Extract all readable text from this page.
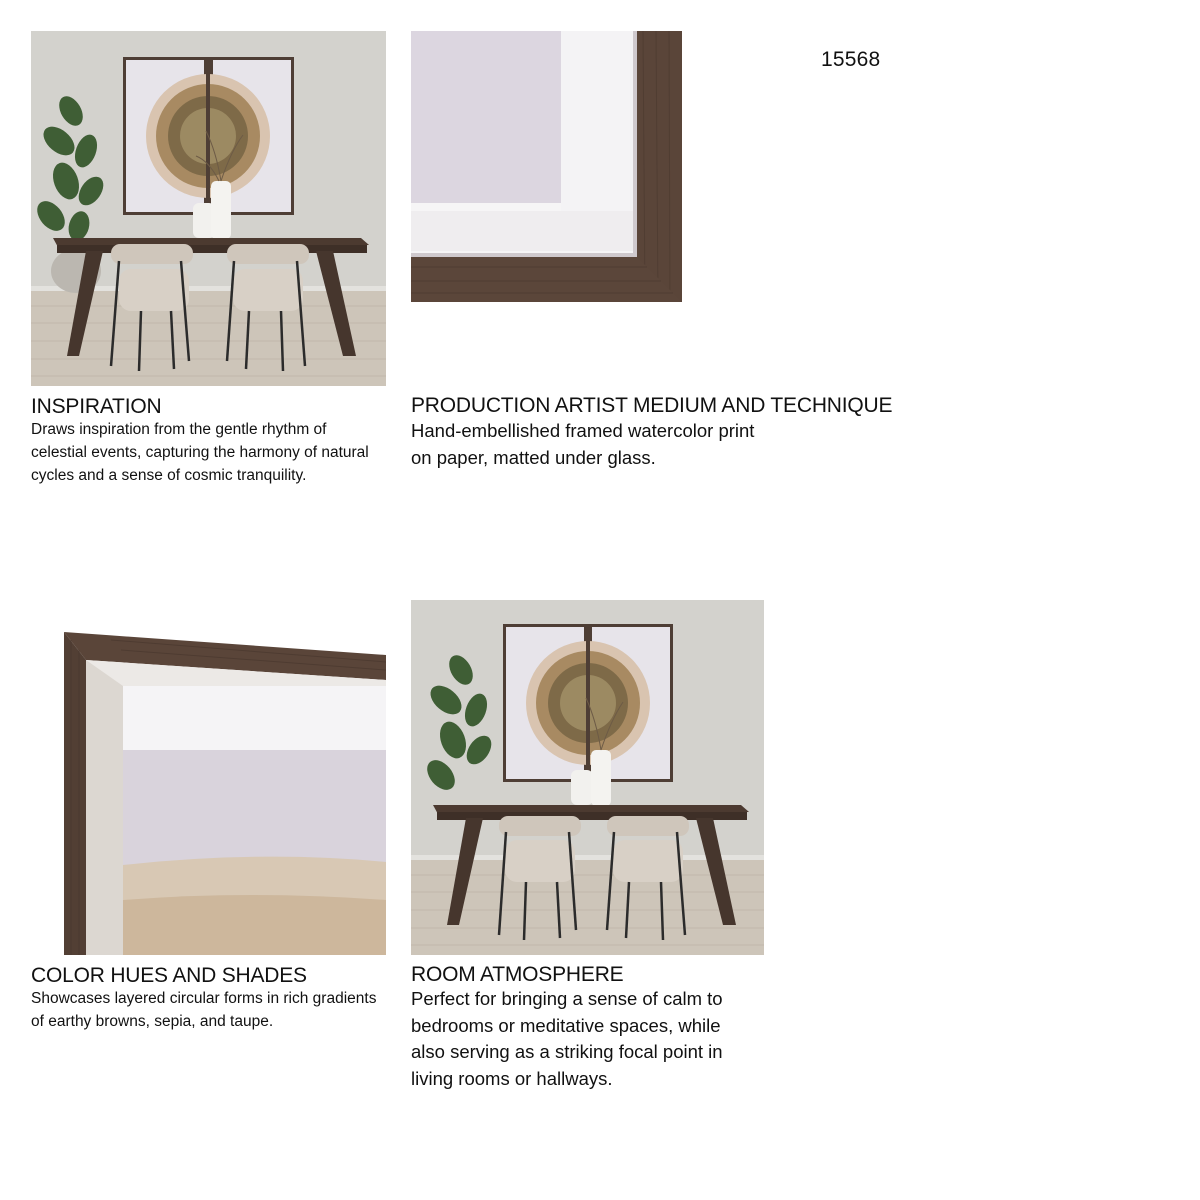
15568
INSPIRATION

Draws inspiration from the gentle rhythm of celestial events, capturing the harmony of natural cycles and a sense of cosmic tranquility.

PRODUCTION ARTIST MEDIUM AND TECHNIQUE

Hand-embellished framed watercolor print on paper, matted under glass.

COLOR HUES AND SHADES

Showcases layered circular forms in rich gradients of earthy browns, sepia, and taupe.

ROOM ATMOSPHERE

Perfect for bringing a sense of calm to bedrooms or meditative spaces, while also serving as a striking focal point in living rooms or hallways.
